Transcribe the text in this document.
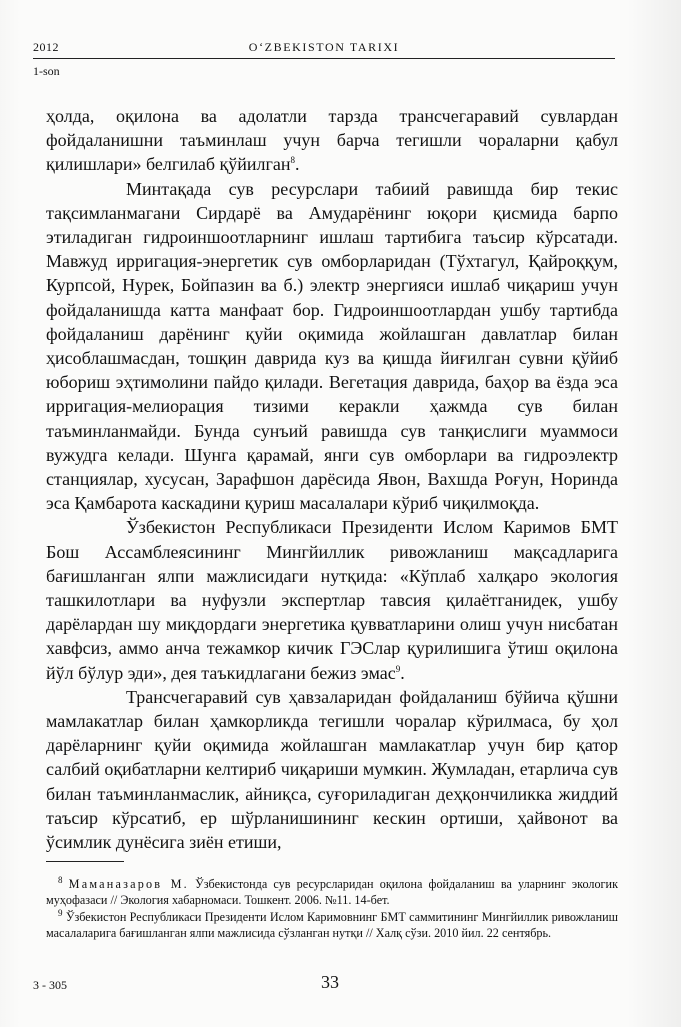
2012	O‘ZBEKISTON TARIXI
1-son

ҳолда, оқилона ва адолатли тарзда трансчегаравий сувлардан фойдаланишни таъминлаш учун барча тегишли чораларни қабул қилишлари» белгилаб қўйилган$^8$.

Минтақада сув ресурслари табиий равишда бир текис тақсимланмагани Сирдарё ва Амударёнинг юқори қисмида барпо этиладиган гидроиншоотларнинг ишлаш тартибига таъсир кўрсатади. Мавжуд ирригация-энергетик сув омборларидан (Тўхтагул, Қайроққум, Курпсой, Нурек, Бойпазин ва б.) электр энергияси ишлаб чиқариш учун фойдаланишда катта манфаат бор. Гидроиншоотлардан ушбу тартибда фойдаланиш дарёнинг қуйи оқимида жойлашган давлатлар билан ҳисоблашмасдан, тошқин даврида куз ва қишда йиғилган сувни қўйиб юбориш эҳтимолини пайдо қилади. Вегетация даврида, баҳор ва ёзда эса ирригация-мелиорация тизими керакли ҳажмда сув билан таъминланмайди. Бунда сунъий равишда сув танқислиги муаммоси вужудга келади. Шунга қарамай, янги сув омборлари ва гидроэлектр станциялар, хусусан, Зарафшон дарёсида Явон, Вахшда Роғун, Норинда эса Қамбарота каскадини қуриш масалалари кўриб чиқилмоқда.

Ўзбекистон Республикаси Президенти Ислом Каримов БМТ Бош Ассамблеясининг Мингйиллик ривожланиш мақсадларига бағишланган ялпи мажлисидаги нутқида: «Кўплаб халқаро экология ташкилотлари ва нуфузли экспертлар тавсия қилаётганидек, ушбу дарёлардан шу миқдордаги энергетика қувватларини олиш учун нисбатан хавфсиз, аммо анча тежамкор кичик ГЭСлар қурилишига ўтиш оқилона йўл бўлур эди», дея таъкидлагани бежиз эмас$^9$.

Трансчегаравий сув ҳавзаларидан фойдаланиш бўйича қўшни мамлакатлар билан ҳамкорликда тегишли чоралар кўрилмаса, бу ҳол дарёларнинг қуйи оқимида жойлашган мамлакатлар учун бир қатор салбий оқибатларни келтириб чиқариши мумкин. Жумладан, етарлича сув билан таъминланмаслик, айниқса, суғориладиган деҳқончиликка жиддий таъсир кўрсатиб, ер шўрланишининг кескин ортиши, ҳайвонот ва ўсимлик дунёсига зиён етиши,

$^8$ Маманазаров М. Ўзбекистонда сув ресурсларидан оқилона фойдаланиш ва уларнинг экологик муҳофазаси // Экология хабарномаси. Тошкент. 2006. №11. 14-бет.

$^9$ Ўзбекистон Республикаси Президенти Ислом Каримовнинг БМТ саммитининг Мингйиллик ривожланиш масалаларига бағишланган ялпи мажлисида сўзланган нутқи // Халқ сўзи. 2010 йил. 22 сентябрь.

3 - 305	33
